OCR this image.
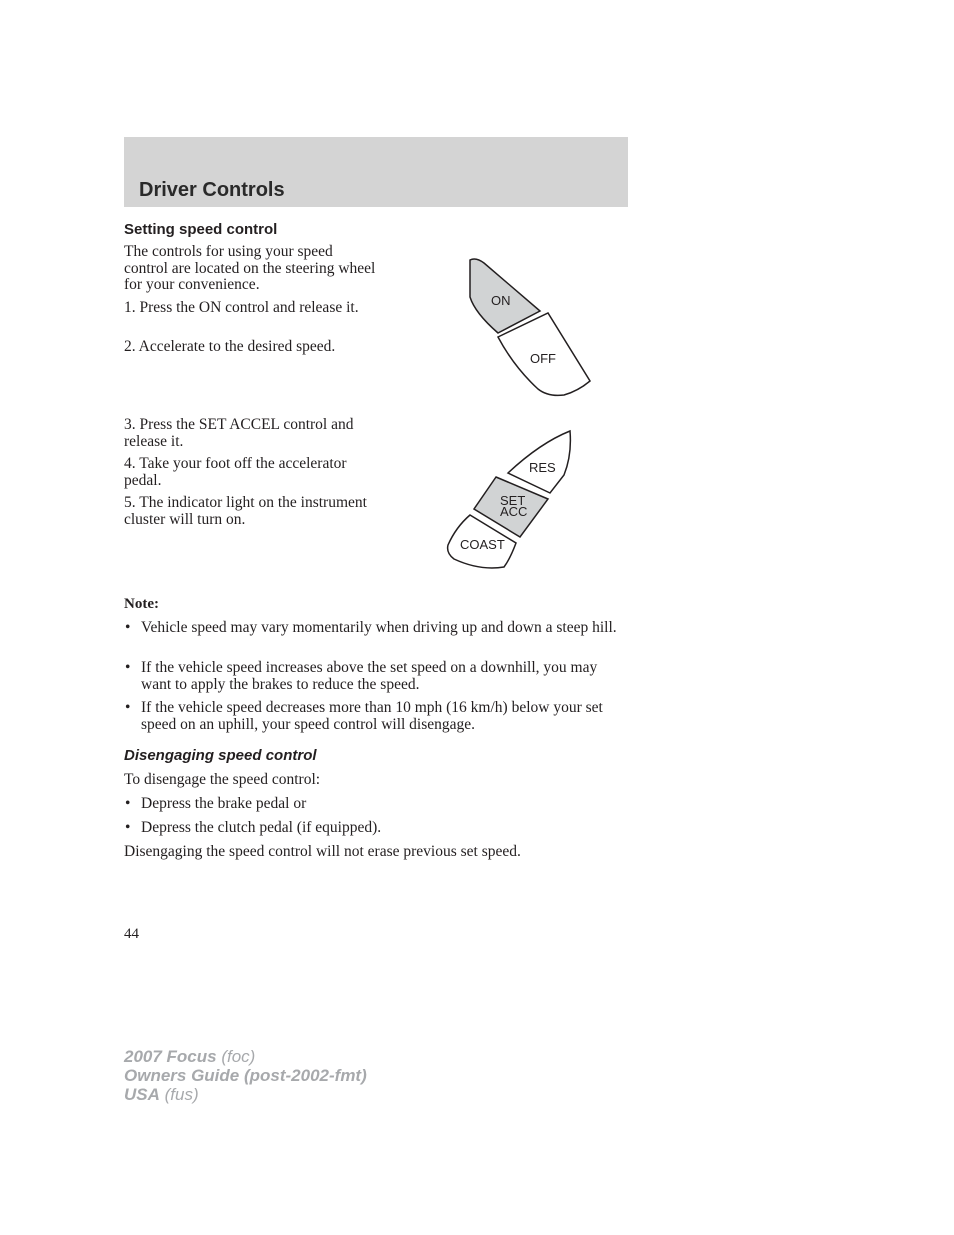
Driver Controls
Setting speed control

The controls for using your speed control are located on the steering wheel for your convenience.

1. Press the ON control and release it.

2. Accelerate to the desired speed.

3. Press the SET ACCEL control and release it.

4. Take your foot off the accelerator pedal.

5. The indicator light on the instrument cluster will turn on.

ON
OFF
RES
SET
ACC
COAST

Note:

• Vehicle speed may vary momentarily when driving up and down a steep hill.

• If the vehicle speed increases above the set speed on a downhill, you may want to apply the brakes to reduce the speed.

• If the vehicle speed decreases more than 10 mph (16 km/h) below your set speed on an uphill, your speed control will disengage.

Disengaging speed control

To disengage the speed control:

• Depress the brake pedal or

• Depress the clutch pedal (if equipped).

Disengaging the speed control will not erase previous set speed.

44

2007 Focus (foc)
Owners Guide (post-2002-fmt)
USA (fus)
